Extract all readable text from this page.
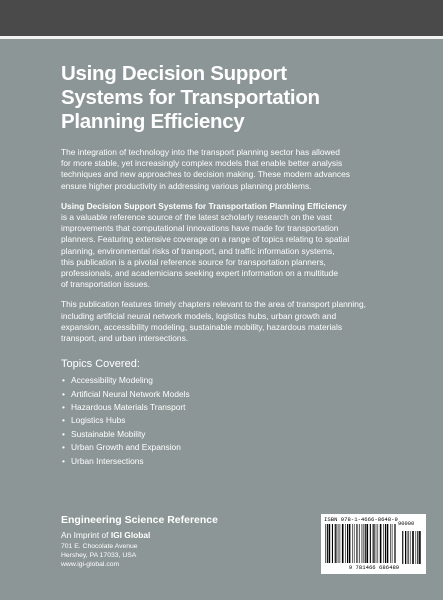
Using Decision Support
Systems for Transportation
Planning Efficiency

The integration of technology into the transport planning sector has allowed
for more stable, yet increasingly complex models that enable better analysis
techniques and new approaches to decision making. These modern advances
ensure higher productivity in addressing various planning problems.

Using Decision Support Systems for Transportation Planning Efficiency
is a valuable reference source of the latest scholarly research on the vast
improvements that computational innovations have made for transportation
planners. Featuring extensive coverage on a range of topics relating to spatial
planning, environmental risks of transport, and traffic information systems,
this publication is a pivotal reference source for transportation planners,
professionals, and academicians seeking expert information on a multitude
of transportation issues.

This publication features timely chapters relevant to the area of transport planning,
including artificial neural network models, logistics hubs, urban growth and
expansion, accessibility modeling, sustainable mobility, hazardous materials
transport, and urban intersections.

Topics Covered:
• Accessibility Modeling
• Artificial Neural Network Models
• Hazardous Materials Transport
• Logistics Hubs
• Sustainable Mobility
• Urban Growth and Expansion
• Urban Intersections
Engineering Science Reference
An Imprint of IGI Global
701 E. Chocolate Avenue
Hershey, PA 17033, USA
www.igi-global.com
ISBN 978-1-4666-8648-9
90000
9 781466 686489
